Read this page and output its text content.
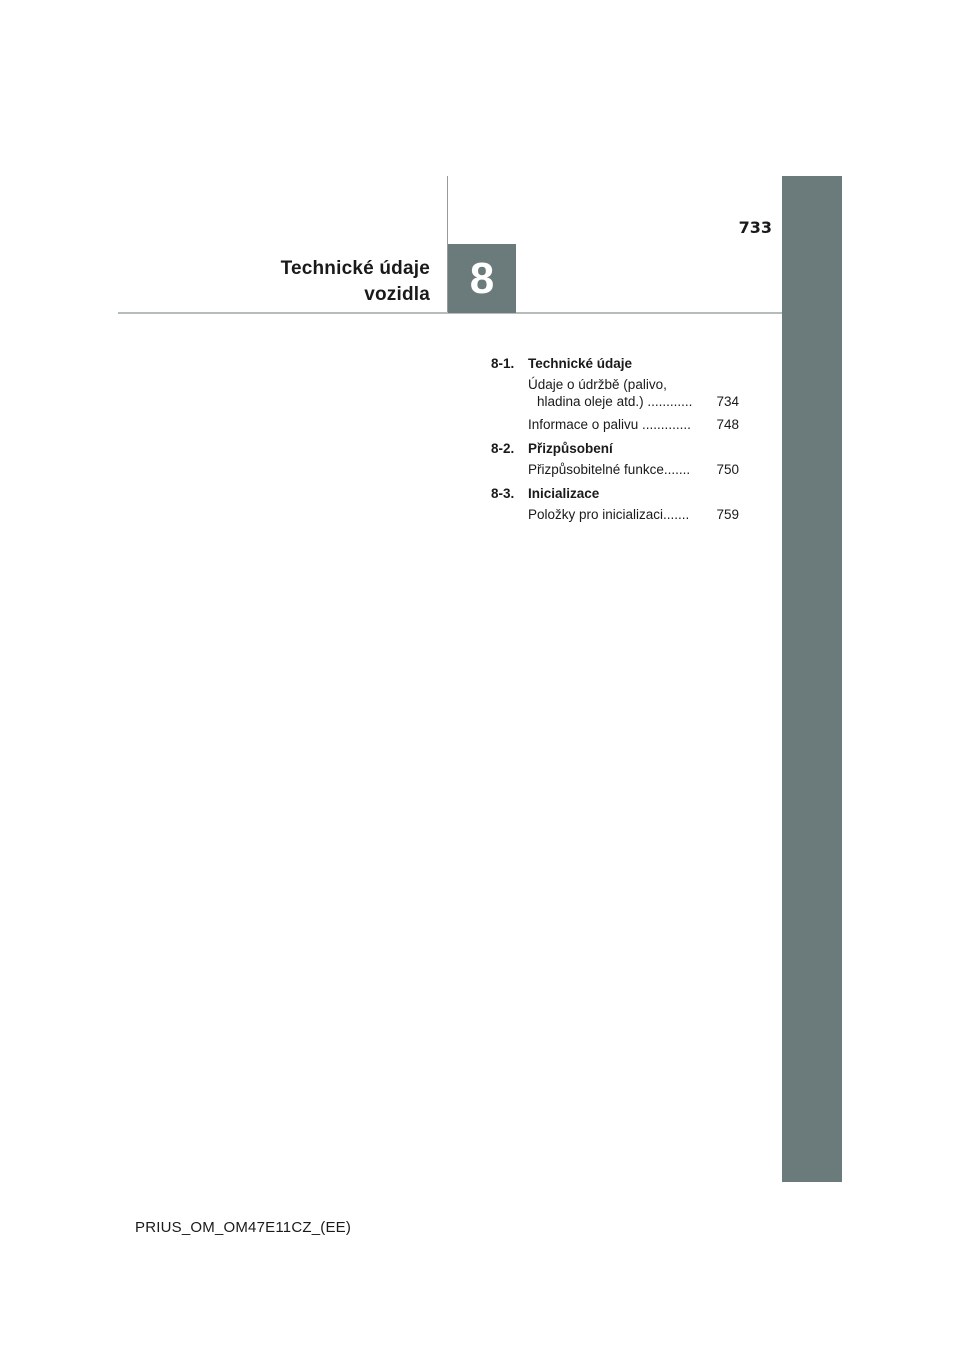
733
Technické údaje
vozidla 8
8-1.	Technické údaje
Údaje o údržbě (palivo,
hladina oleje atd.) ............	734
Informace o palivu .............	748
8-2.	Přizpůsobení
Přizpůsobitelné funkce.......	750
8-3.	Inicializace
Položky pro inicializaci.......	759
PRIUS_OM_OM47E11CZ_(EE)
